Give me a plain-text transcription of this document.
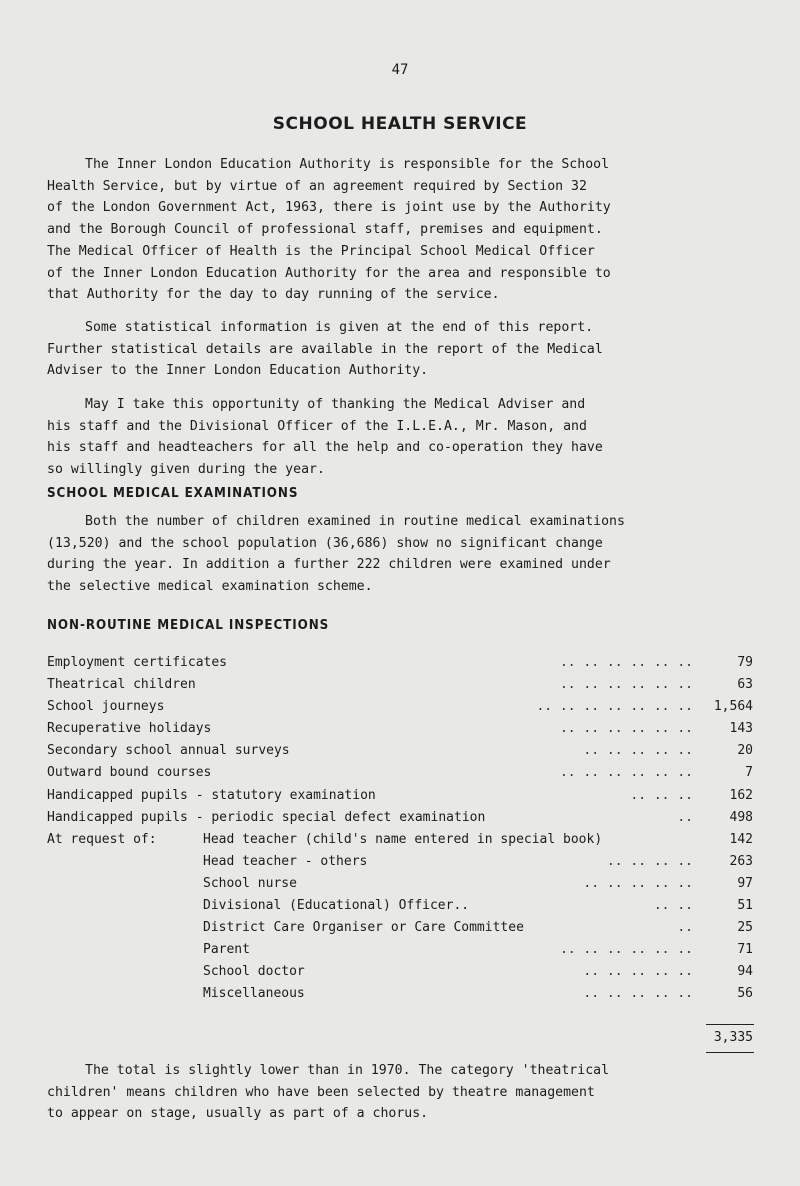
47
SCHOOL HEALTH SERVICE

The Inner London Education Authority is responsible for the School
Health Service, but by virtue of an agreement required by Section 32
of the London Government Act, 1963, there is joint use by the Authority
and the Borough Council of professional staff, premises and equipment.
The Medical Officer of Health is the Principal School Medical Officer
of the Inner London Education Authority for the area and responsible to
that Authority for the day to day running of the service.

Some statistical information is given at the end of this report.
Further statistical details are available in the report of the Medical
Adviser to the Inner London Education Authority.

May I take this opportunity of thanking the Medical Adviser and
his staff and the Divisional Officer of the I.L.E.A., Mr. Mason, and
his staff and headteachers for all the help and co-operation they have
so willingly given during the year.

SCHOOL MEDICAL EXAMINATIONS

Both the number of children examined in routine medical examinations
(13,520) and the school population (36,686) show no significant change
during the year. In addition a further 222 children were examined under
the selective medical examination scheme.

NON-ROUTINE MEDICAL INSPECTIONS
Employment certificates	.. .. .. .. .. ..	79
Theatrical children	.. .. .. .. .. ..	63
School journeys	.. .. .. .. .. .. .. 1,564
Recuperative holidays	.. .. .. .. .. ..	143
Secondary school annual surveys	.. .. .. .. ..	20
Outward bound courses	.. .. .. .. .. ..	7
Handicapped pupils - statutory examination	.. .. ..	162
Handicapped pupils - periodic special defect examination	..	498
At request of:	Head teacher (child's name entered in special book)	142
Head teacher - others	.. .. .. ..	263
School nurse	.. .. .. .. ..	97
Divisional (Educational) Officer..	.. ..	51
District Care Organiser or Care Committee	..	25
Parent	.. .. .. .. .. ..	71
School doctor	.. .. .. .. ..	94
Miscellaneous	.. .. .. .. ..	56
3,335

The total is slightly lower than in 1970. The category 'theatrical
children' means children who have been selected by theatre management
to appear on stage, usually as part of a chorus.
